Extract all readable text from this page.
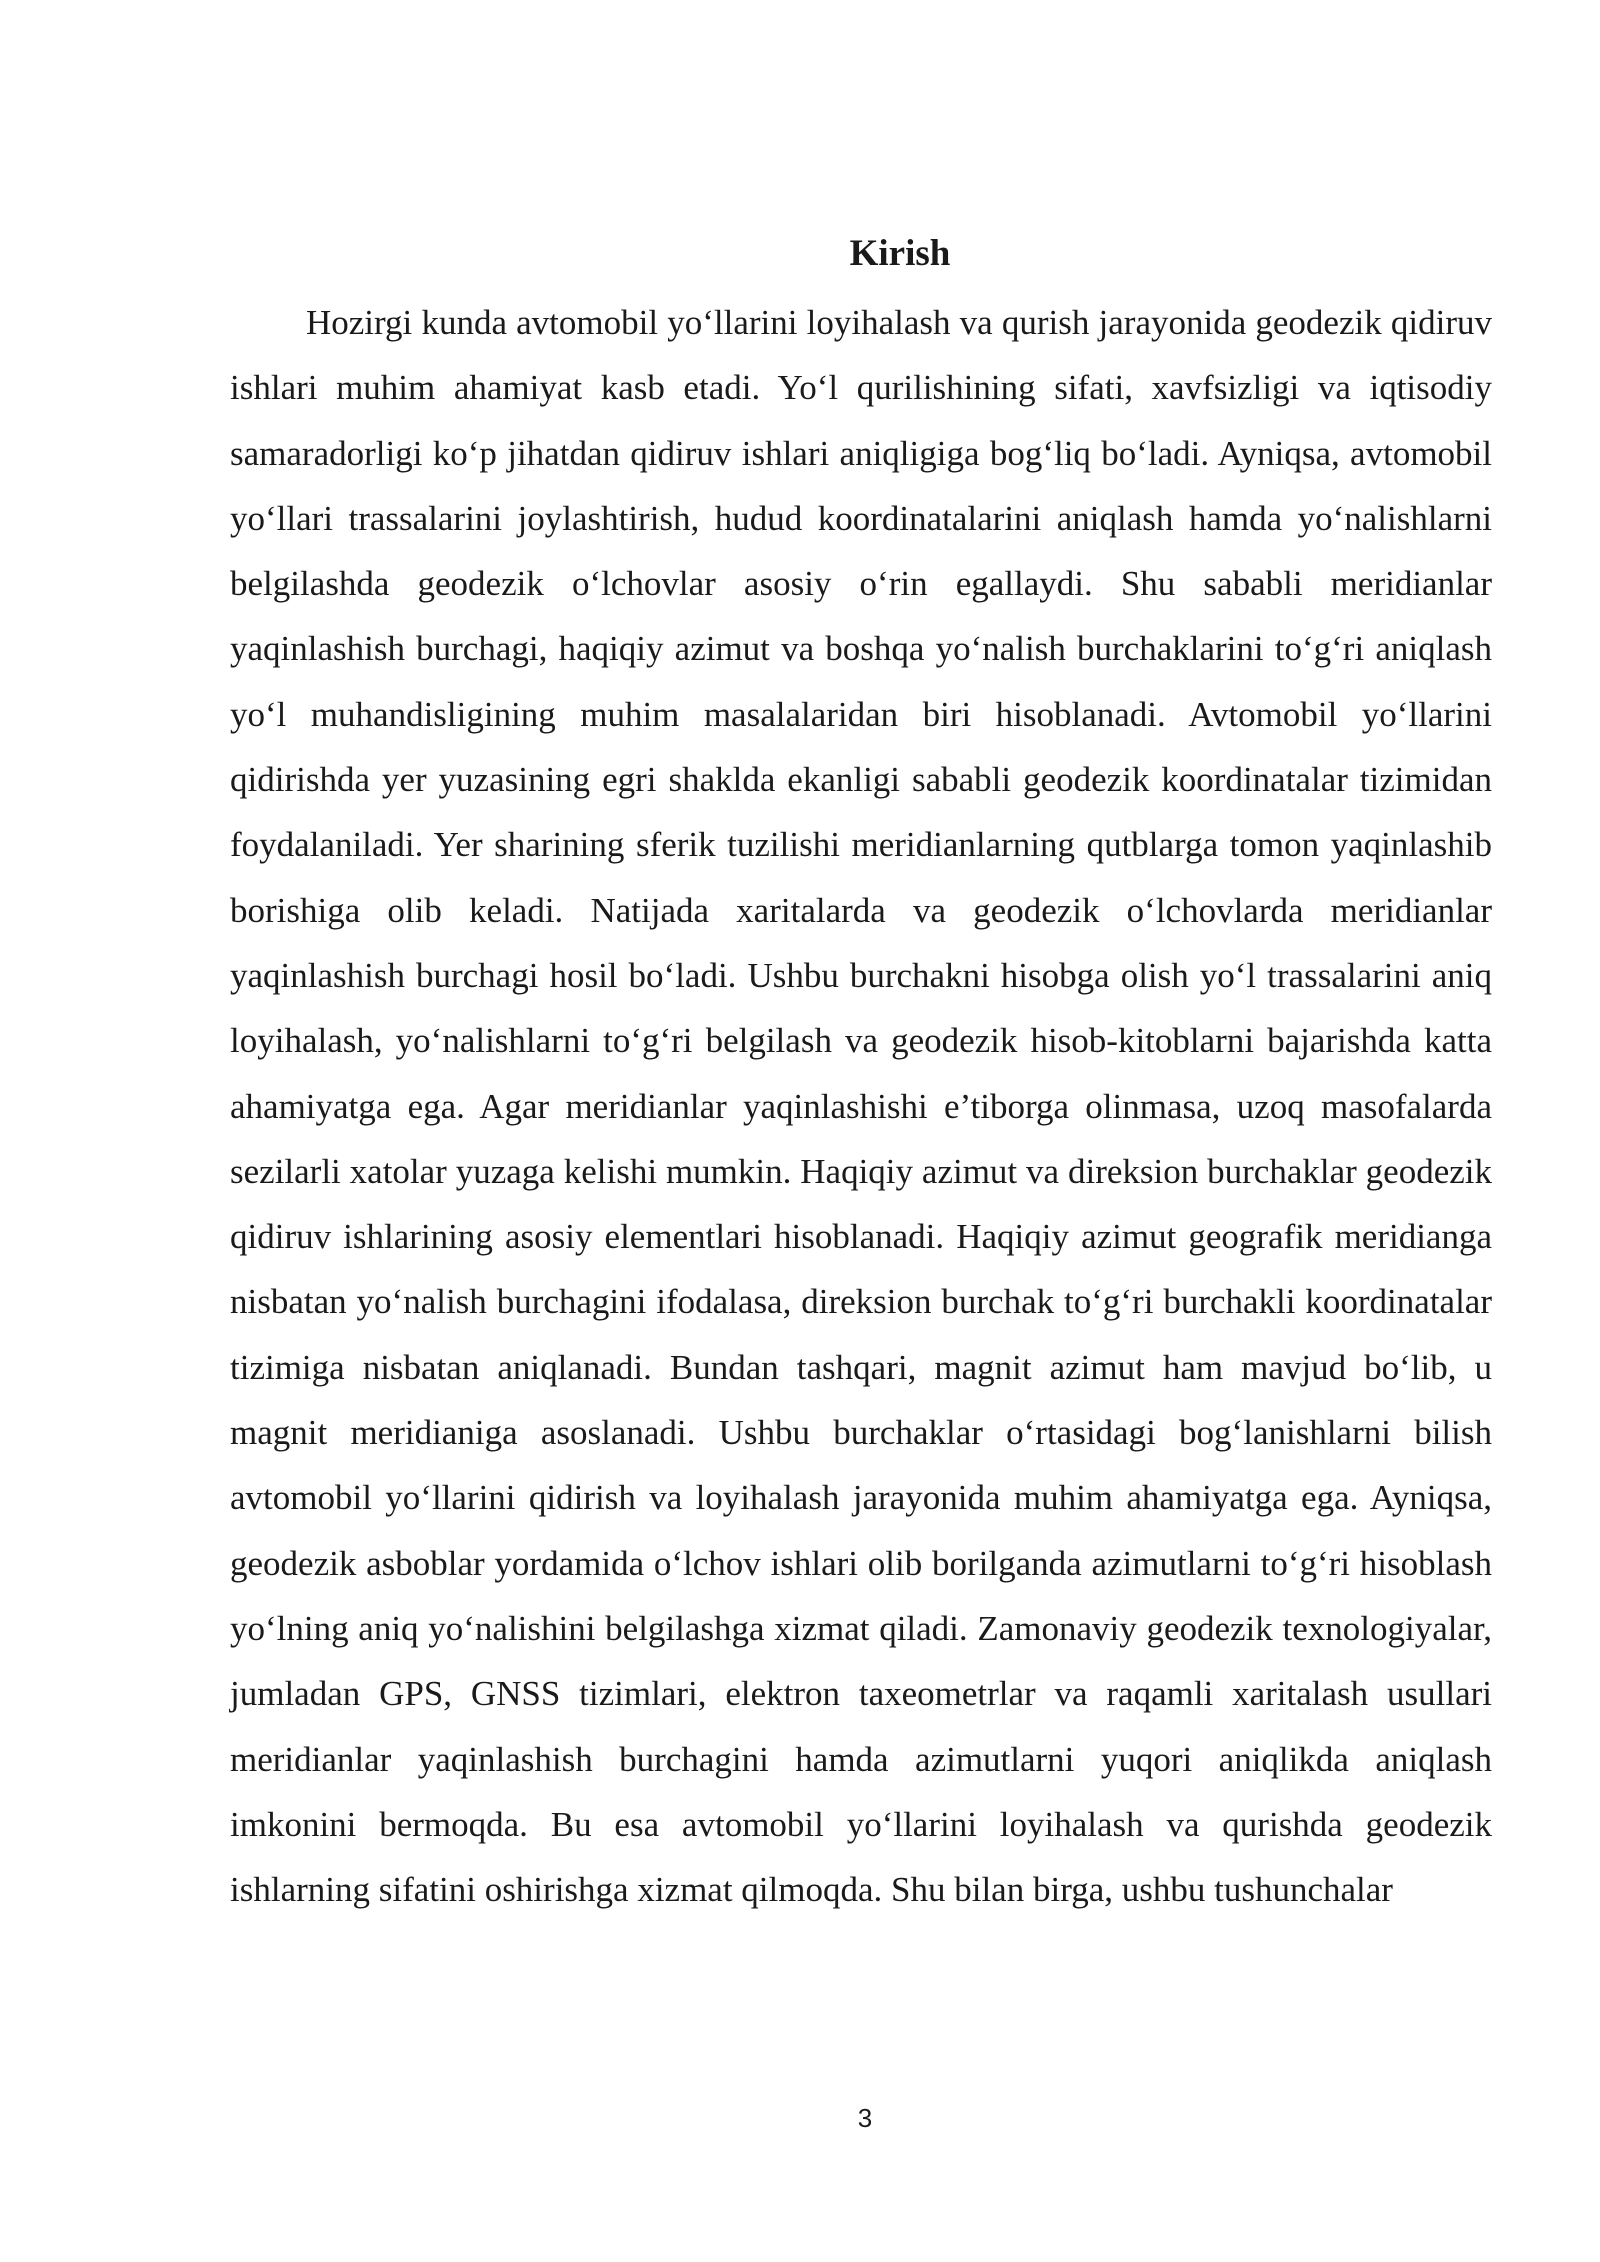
Kirish

Hozirgi kunda avtomobil yo‘llarini loyihalash va qurish jarayonida geodezik qidiruv ishlari muhim ahamiyat kasb etadi. Yo‘l qurilishining sifati, xavfsizligi va iqtisodiy samaradorligi ko‘p jihatdan qidiruv ishlari aniqligiga bog‘liq bo‘ladi. Ayniqsa, avtomobil yo‘llari trassalarini joylashtirish, hudud koordinatalarini aniqlash hamda yo‘nalishlarni belgilashda geodezik o‘lchovlar asosiy o‘rin egallaydi. Shu sababli meridianlar yaqinlashish burchagi, haqiqiy azimut va boshqa yo‘nalish burchaklarini to‘g‘ri aniqlash yo‘l muhandisligining muhim masalalaridan biri hisoblanadi. Avtomobil yo‘llarini qidirishda yer yuzasining egri shaklda ekanligi sababli geodezik koordinatalar tizimidan foydalaniladi. Yer sharining sferik tuzilishi meridianlarning qutblarga tomon yaqinlashib borishiga olib keladi. Natijada xaritalarda va geodezik o‘lchovlarda meridianlar yaqinlashish burchagi hosil bo‘ladi. Ushbu burchakni hisobga olish yo‘l trassalarini aniq loyihalash, yo‘nalishlarni to‘g‘ri belgilash va geodezik hisob-kitoblarni bajarishda katta ahamiyatga ega. Agar meridianlar yaqinlashishi e’tiborga olinmasa, uzoq masofalarda sezilarli xatolar yuzaga kelishi mumkin. Haqiqiy azimut va direksion burchaklar geodezik qidiruv ishlarining asosiy elementlari hisoblanadi. Haqiqiy azimut geografik meridianga nisbatan yo‘nalish burchagini ifodalasa, direksion burchak to‘g‘ri burchakli koordinatalar tizimiga nisbatan aniqlanadi. Bundan tashqari, magnit azimut ham mavjud bo‘lib, u magnit meridianiga asoslanadi. Ushbu burchaklar o‘rtasidagi bog‘lanishlarni bilish avtomobil yo‘llarini qidirish va loyihalash jarayonida muhim ahamiyatga ega. Ayniqsa, geodezik asboblar yordamida o‘lchov ishlari olib borilganda azimutlarni to‘g‘ri hisoblash yo‘lning aniq yo‘nalishini belgilashga xizmat qiladi. Zamonaviy geodezik texnologiyalar, jumladan GPS, GNSS tizimlari, elektron taxeometrlar va raqamli xaritalash usullari meridianlar yaqinlashish burchagini hamda azimutlarni yuqori aniqlikda aniqlash imkonini bermoqda. Bu esa avtomobil yo‘llarini loyihalash va qurishda geodezik ishlarning sifatini oshirishga xizmat qilmoqda. Shu bilan birga, ushbu tushunchalar

3
